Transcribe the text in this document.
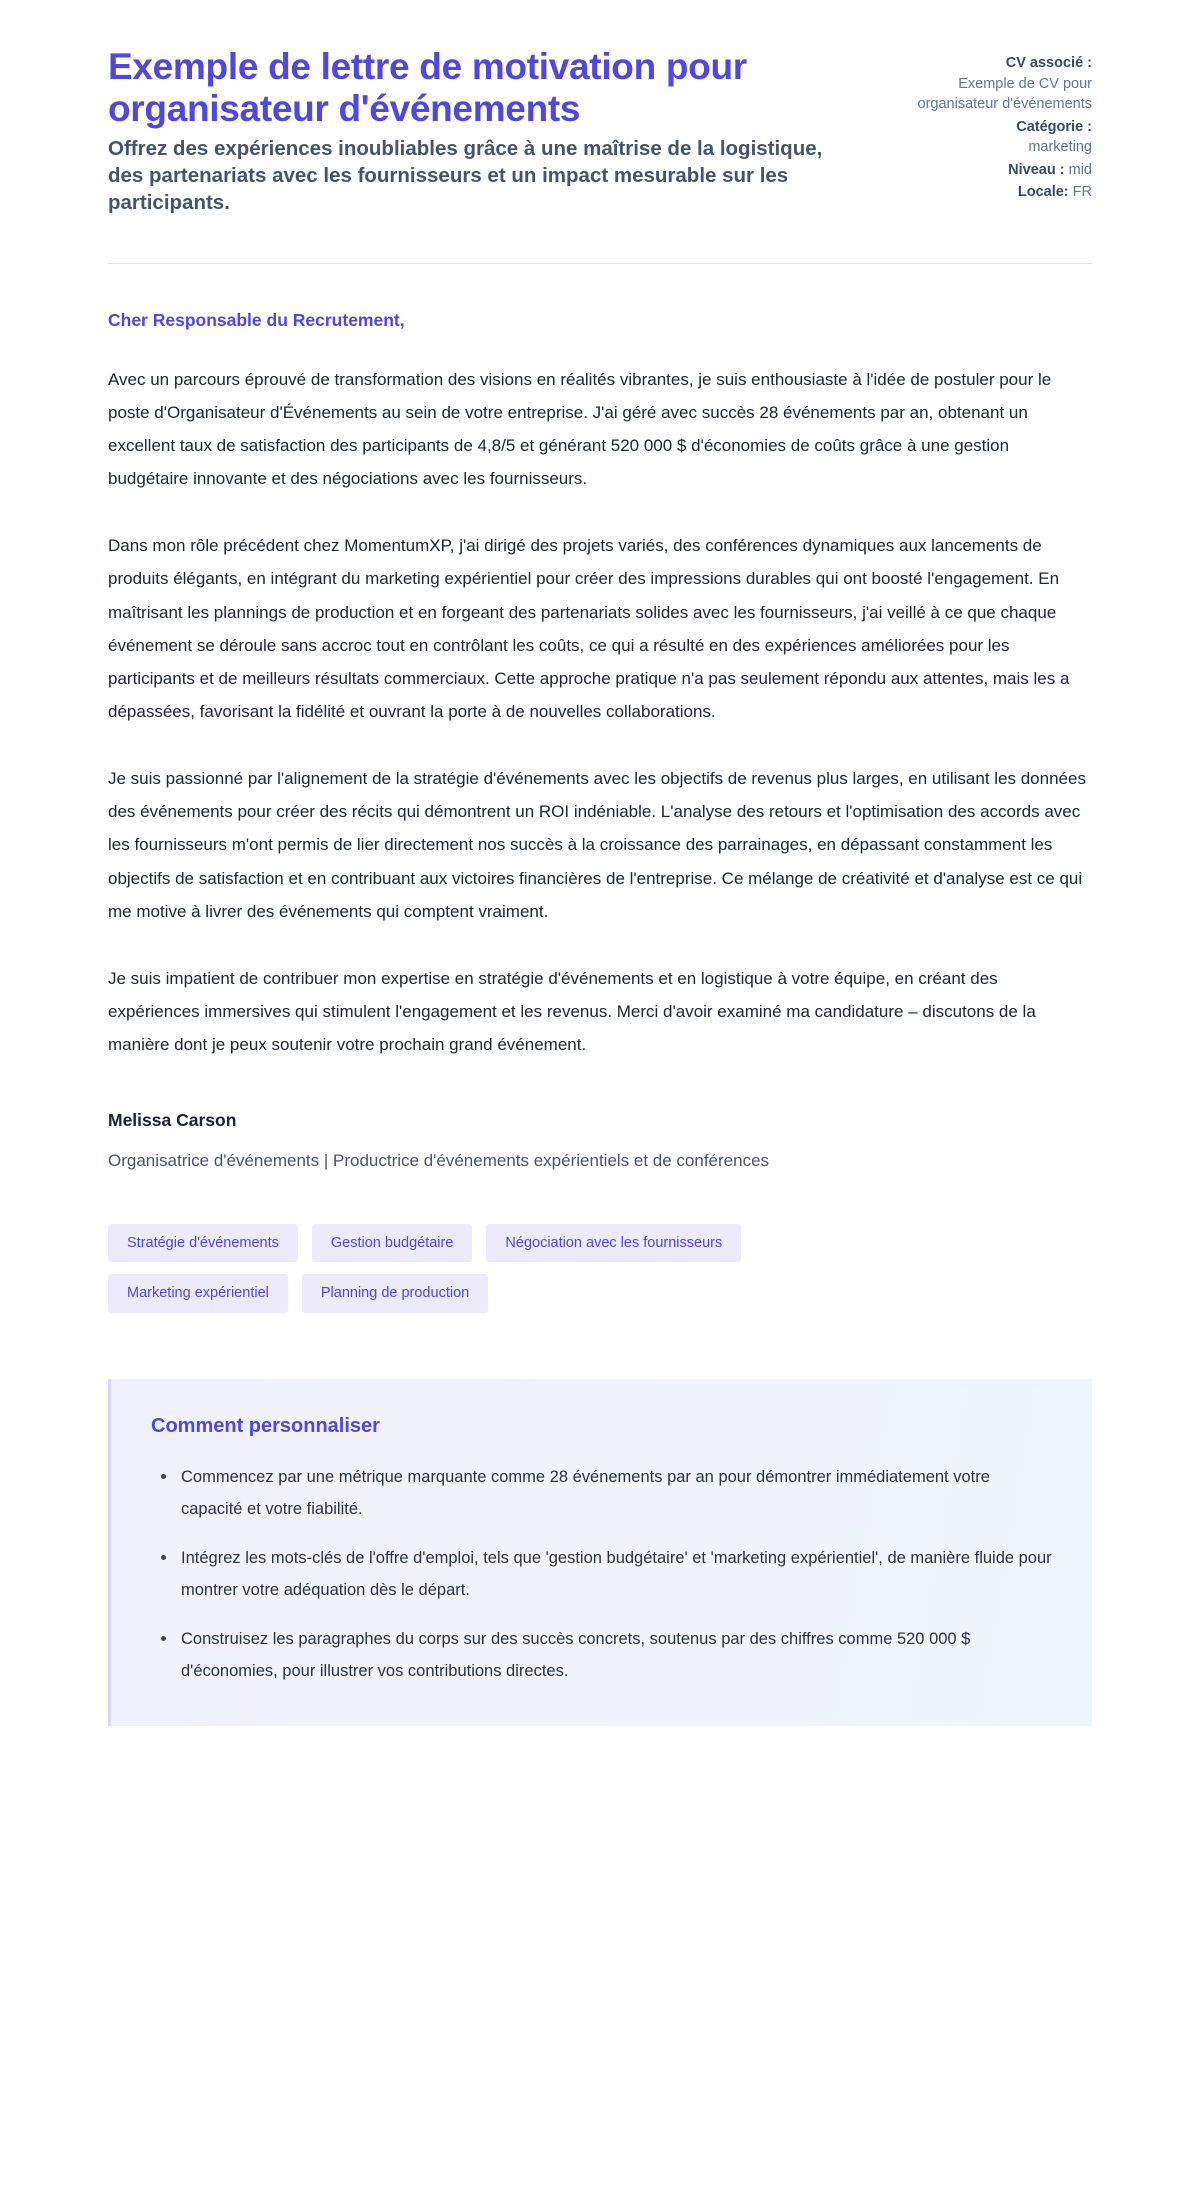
Exemple de lettre de motivation pour organisateur d'événements

Offrez des expériences inoubliables grâce à une maîtrise de la logistique, des partenariats avec les fournisseurs et un impact mesurable sur les participants.

CV associé :
Exemple de CV pour organisateur d'événements
Catégorie :
marketing
Niveau : mid
Locale: FR

Cher Responsable du Recrutement,

Avec un parcours éprouvé de transformation des visions en réalités vibrantes, je suis enthousiaste à l'idée de postuler pour le poste d'Organisateur d'Événements au sein de votre entreprise. J'ai géré avec succès 28 événements par an, obtenant un excellent taux de satisfaction des participants de 4,8/5 et générant 520 000 $ d'économies de coûts grâce à une gestion budgétaire innovante et des négociations avec les fournisseurs.

Dans mon rôle précédent chez MomentumXP, j'ai dirigé des projets variés, des conférences dynamiques aux lancements de produits élégants, en intégrant du marketing expérientiel pour créer des impressions durables qui ont boosté l'engagement. En maîtrisant les plannings de production et en forgeant des partenariats solides avec les fournisseurs, j'ai veillé à ce que chaque événement se déroule sans accroc tout en contrôlant les coûts, ce qui a résulté en des expériences améliorées pour les participants et de meilleurs résultats commerciaux. Cette approche pratique n'a pas seulement répondu aux attentes, mais les a dépassées, favorisant la fidélité et ouvrant la porte à de nouvelles collaborations.

Je suis passionné par l'alignement de la stratégie d'événements avec les objectifs de revenus plus larges, en utilisant les données des événements pour créer des récits qui démontrent un ROI indéniable. L'analyse des retours et l'optimisation des accords avec les fournisseurs m'ont permis de lier directement nos succès à la croissance des parrainages, en dépassant constamment les objectifs de satisfaction et en contribuant aux victoires financières de l'entreprise. Ce mélange de créativité et d'analyse est ce qui me motive à livrer des événements qui comptent vraiment.

Je suis impatient de contribuer mon expertise en stratégie d'événements et en logistique à votre équipe, en créant des expériences immersives qui stimulent l'engagement et les revenus. Merci d'avoir examiné ma candidature – discutons de la manière dont je peux soutenir votre prochain grand événement.

Melissa Carson

Organisatrice d'événements | Productrice d'événements expérientiels et de conférences

Stratégie d'événements	Gestion budgétaire	Négociation avec les fournisseurs
Marketing expérientiel	Planning de production
Comment personnaliser
Commencez par une métrique marquante comme 28 événements par an pour démontrer immédiatement votre capacité et votre fiabilité.
Intégrez les mots-clés de l'offre d'emploi, tels que 'gestion budgétaire' et 'marketing expérientiel', de manière fluide pour montrer votre adéquation dès le départ.
Construisez les paragraphes du corps sur des succès concrets, soutenus par des chiffres comme 520 000 $ d'économies, pour illustrer vos contributions directes.
